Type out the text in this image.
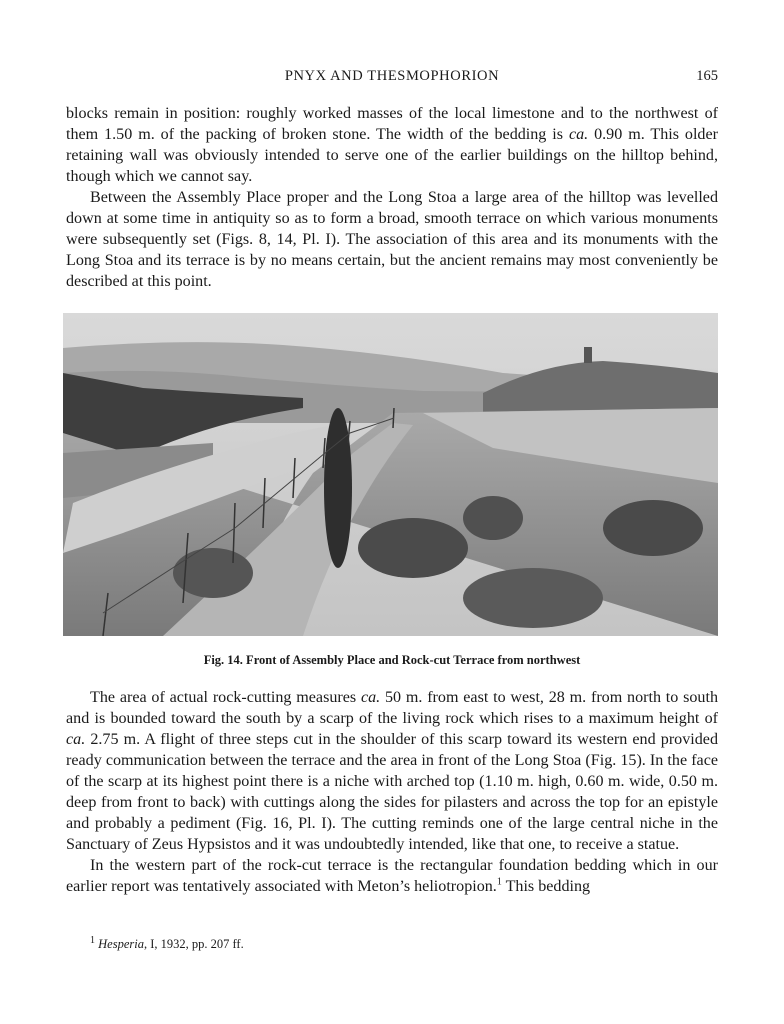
PNYX AND THESMOPHORION	165

blocks remain in position: roughly worked masses of the local limestone and to the northwest of them 1.50 m. of the packing of broken stone. The width of the bedding is ca. 0.90 m. This older retaining wall was obviously intended to serve one of the earlier buildings on the hilltop behind, though which we cannot say.

Between the Assembly Place proper and the Long Stoa a large area of the hilltop was levelled down at some time in antiquity so as to form a broad, smooth terrace on which various monuments were subsequently set (Figs. 8, 14, Pl. I). The association of this area and its monuments with the Long Stoa and its terrace is by no means certain, but the ancient remains may most conveniently be described at this point.

Fig. 14. Front of Assembly Place and Rock-cut Terrace from northwest

The area of actual rock-cutting measures ca. 50 m. from east to west, 28 m. from north to south and is bounded toward the south by a scarp of the living rock which rises to a maximum height of ca. 2.75 m. A flight of three steps cut in the shoulder of this scarp toward its western end provided ready communication between the terrace and the area in front of the Long Stoa (Fig. 15). In the face of the scarp at its highest point there is a niche with arched top (1.10 m. high, 0.60 m. wide, 0.50 m. deep from front to back) with cuttings along the sides for pilasters and across the top for an epistyle and probably a pediment (Fig. 16, Pl. I). The cutting reminds one of the large central niche in the Sanctuary of Zeus Hypsistos and it was undoubtedly intended, like that one, to receive a statue.

In the western part of the rock-cut terrace is the rectangular foundation bedding which in our earlier report was tentatively associated with Meton’s heliotropion.$^1$ This bedding

$^1$ Hesperia, I, 1932, pp. 207 ff.
